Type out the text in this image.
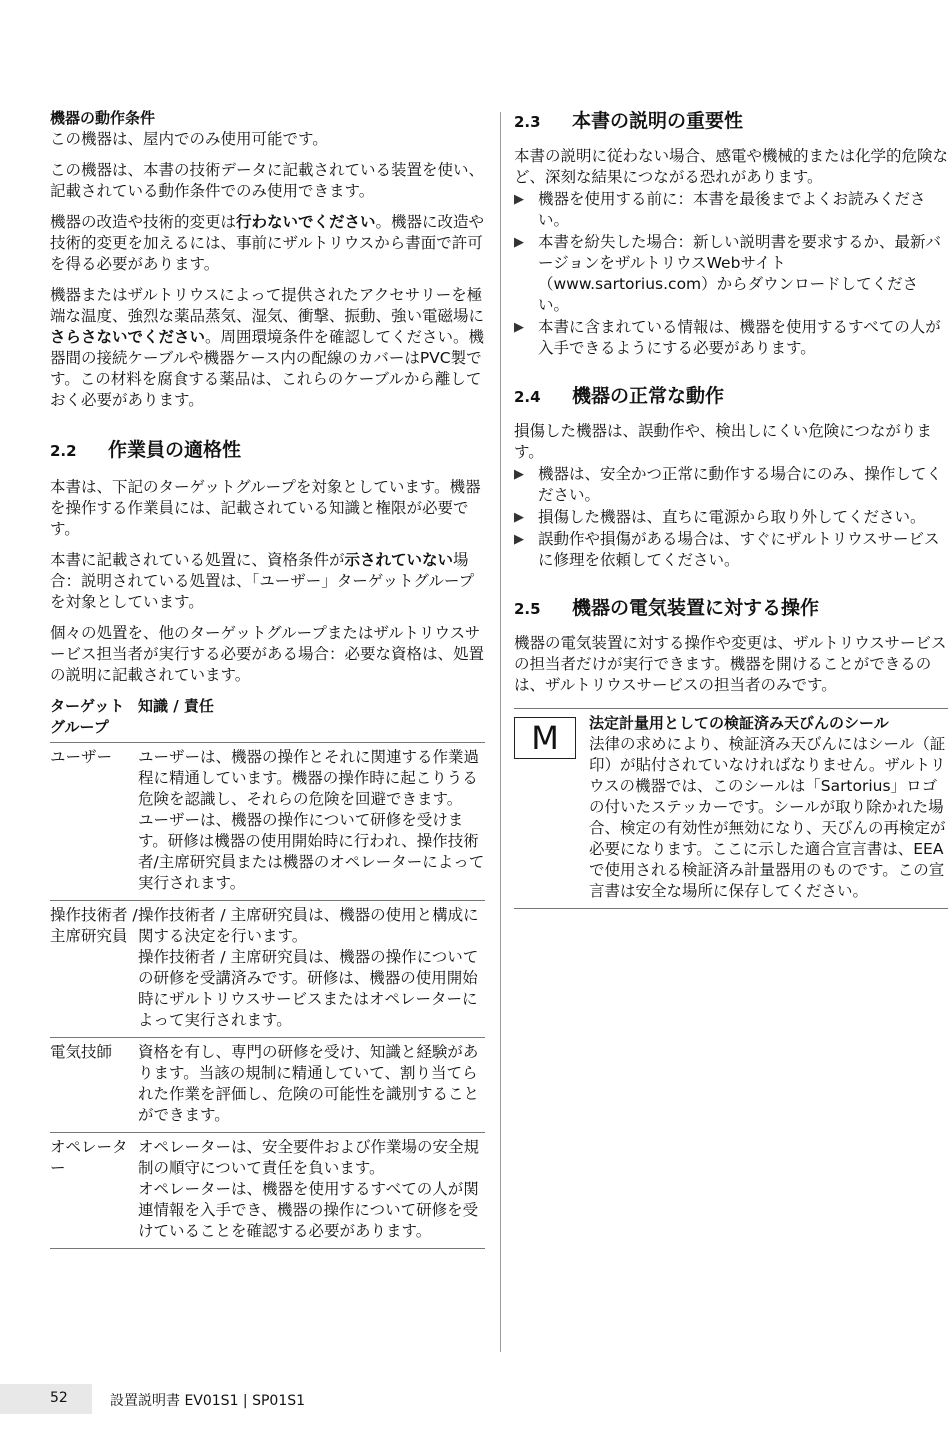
機器の動作条件

この機器は、屋内でのみ使用可能です。

この機器は、本書の技術データに記載されている装置を使い、記載されている動作条件でのみ使用できます。

機器の改造や技術的変更は行わないでください。機器に改造や技術的変更を加えるには、事前にザルトリウスから書面で許可を得る必要があります。

機器またはザルトリウスによって提供されたアクセサリーを極端な温度、強烈な薬品蒸気、湿気、衝撃、振動、強い電磁場にさらさないでください。周囲環境条件を確認してください。機器間の接続ケーブルや機器ケース内の配線のカバーはPVC製です。この材料を腐食する薬品は、これらのケーブルから離しておく必要があります。

2.2	作業員の適格性

本書は、下記のターゲットグループを対象としています。機器を操作する作業員には、記載されている知識と権限が必要です。

本書に記載されている処置に、資格条件が示されていない場合：説明されている処置は、「ユーザー」ターゲットグループを対象としています。

個々の処置を、他のターゲットグループまたはザルトリウスサービス担当者が実行する必要がある場合：必要な資格は、処置の説明に記載されています。

ターゲットグループ	知識 / 責任
ユーザー	ユーザーは、機器の操作とそれに関連する作業過程に精通しています。機器の操作時に起こりうる危険を認識し、それらの危険を回避できます。
ユーザーは、機器の操作について研修を受けます。研修は機器の使用開始時に行われ、操作技術者/主席研究員または機器のオペレーターによって実行されます。

操作技術者 / 主席研究員	操作技術者 / 主席研究員は、機器の使用と構成に関する決定を行います。
操作技術者 / 主席研究員は、機器の操作についての研修を受講済みです。研修は、機器の使用開始時にザルトリウスサービスまたはオペレーターによって実行されます。

電気技師	資格を有し、専門の研修を受け、知識と経験があります。当該の規制に精通していて、割り当てられた作業を評価し、危険の可能性を識別することができます。

オペレーター	オペレーターは、安全要件および作業場の安全規制の順守について責任を負います。
オペレーターは、機器を使用するすべての人が関連情報を入手でき、機器の操作について研修を受けていることを確認する必要があります。
2.3	本書の説明の重要性

本書の説明に従わない場合、感電や機械的または化学的危険など、深刻な結果につながる恐れがあります。

▶ 機器を使用する前に：本書を最後までよくお読みください。
▶ 本書を紛失した場合：新しい説明書を要求するか、最新バージョンをザルトリウスWebサイト（www.sartorius.com）からダウンロードしてください。
▶ 本書に含まれている情報は、機器を使用するすべての人が入手できるようにする必要があります。
2.4	機器の正常な動作

損傷した機器は、誤動作や、検出しにくい危険につながります。

▶ 機器は、安全かつ正常に動作する場合にのみ、操作してください。
▶ 損傷した機器は、直ちに電源から取り外してください。
▶ 誤動作や損傷がある場合は、すぐにザルトリウスサービスに修理を依頼してください。
2.5	機器の電気装置に対する操作

機器の電気装置に対する操作や変更は、ザルトリウスサービスの担当者だけが実行できます。機器を開けることができるのは、ザルトリウスサービスの担当者のみです。

M	法定計量用としての検証済み天びんのシール

法律の求めにより、検証済み天びんにはシール（証印）が貼付されていなければなりません。ザルトリウスの機器では、このシールは「Sartorius」ロゴの付いたステッカーです。シールが取り除かれた場合、検定の有効性が無効になり、天びんの再検定が必要になります。ここに示した適合宣言書は、EEAで使用される検証済み計量器用のものです。この宣言書は安全な場所に保存してください。

52	設置説明書 EV01S1 | SP01S1
